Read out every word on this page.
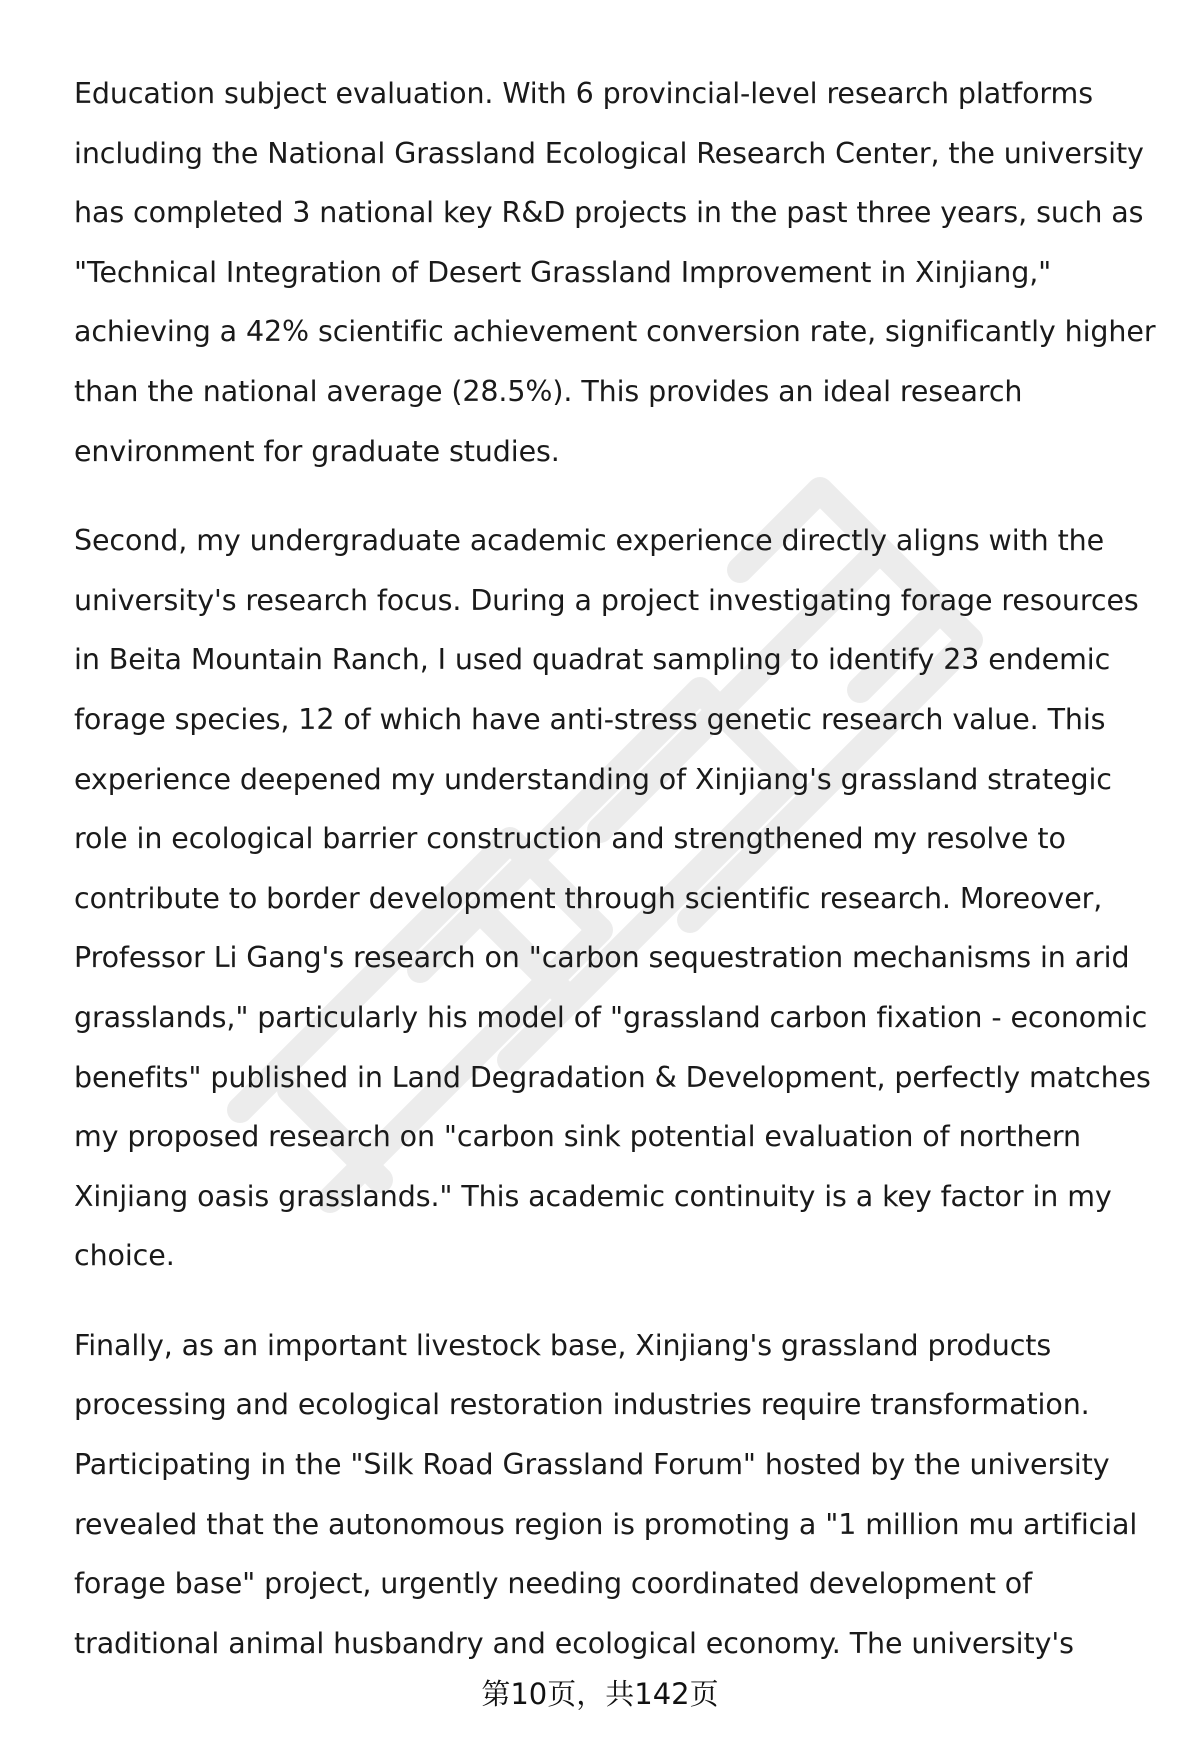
Education subject evaluation. With 6 provincial-level research platforms
including the National Grassland Ecological Research Center, the university
has completed 3 national key R&D projects in the past three years, such as
"Technical Integration of Desert Grassland Improvement in Xinjiang,"
achieving a 42% scientific achievement conversion rate, significantly higher
than the national average (28.5%). This provides an ideal research
environment for graduate studies.

Second, my undergraduate academic experience directly aligns with the
university's research focus. During a project investigating forage resources
in Beita Mountain Ranch, I used quadrat sampling to identify 23 endemic
forage species, 12 of which have anti-stress genetic research value. This
experience deepened my understanding of Xinjiang's grassland strategic
role in ecological barrier construction and strengthened my resolve to
contribute to border development through scientific research. Moreover,
Professor Li Gang's research on "carbon sequestration mechanisms in arid
grasslands," particularly his model of "grassland carbon fixation - economic
benefits" published in Land Degradation & Development, perfectly matches
my proposed research on "carbon sink potential evaluation of northern
Xinjiang oasis grasslands." This academic continuity is a key factor in my
choice.

Finally, as an important livestock base, Xinjiang's grassland products
processing and ecological restoration industries require transformation.
Participating in the "Silk Road Grassland Forum" hosted by the university
revealed that the autonomous region is promoting a "1 million mu artificial
forage base" project, urgently needing coordinated development of
traditional animal husbandry and ecological economy. The university's

第10页，共142页
